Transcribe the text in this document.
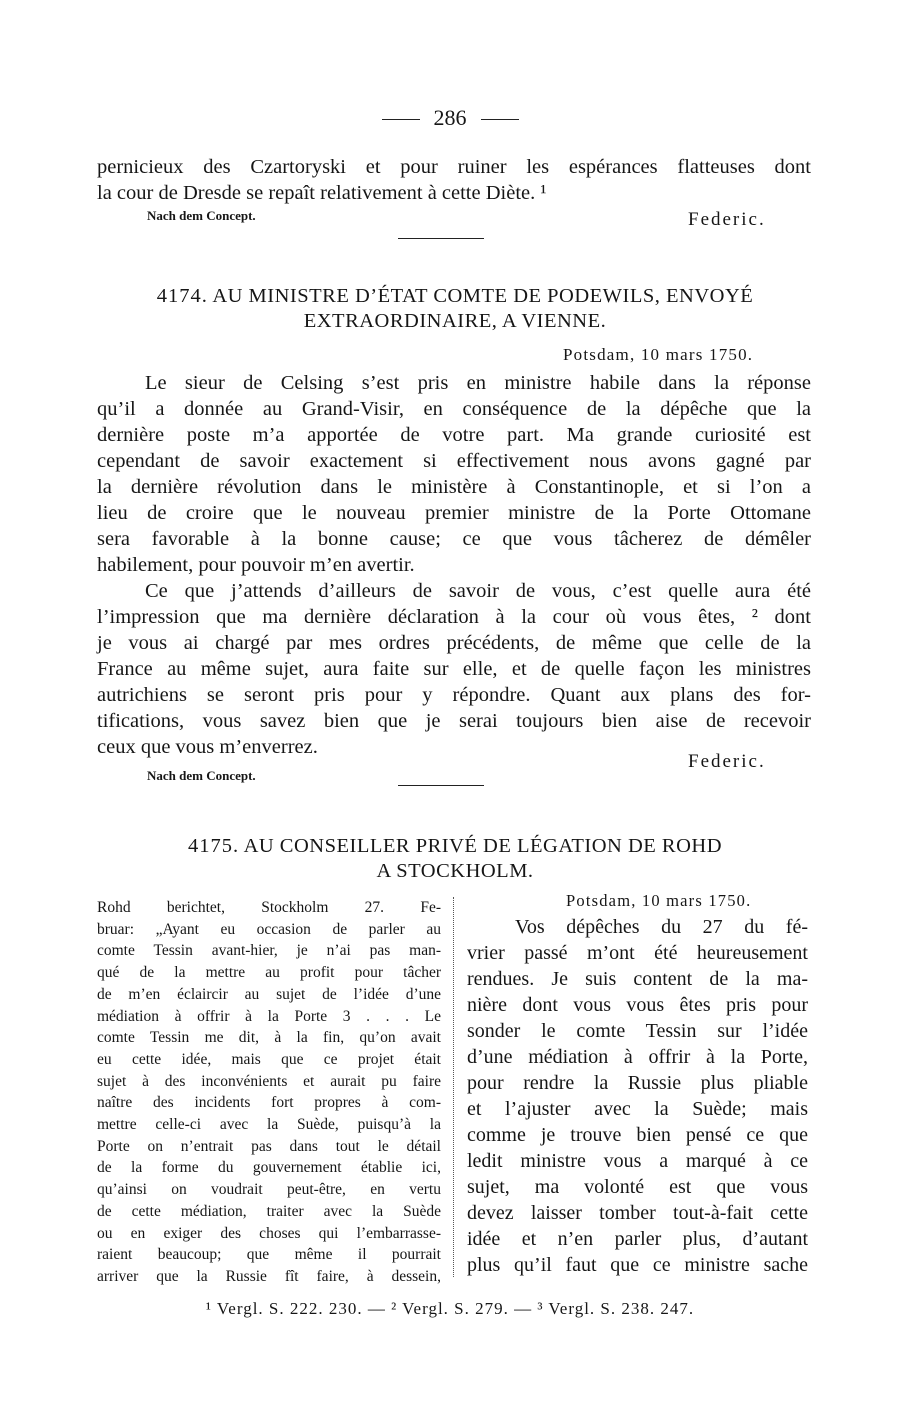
286
pernicieux des Czartoryski et pour ruiner les espérances flatteuses dont
la cour de Dresde se repaît relativement à cette Diète. ¹
Nach dem Concept.	Federic.
4174. AU MINISTRE D’ÉTAT COMTE DE PODEWILS, ENVOYÉ
EXTRAORDINAIRE, A VIENNE.
Potsdam, 10 mars 1750.
Le sieur de Celsing s’est pris en ministre habile dans la réponse
qu’il a donnée au Grand-Visir, en conséquence de la dépêche que la
dernière poste m’a apportée de votre part. Ma grande curiosité est
cependant de savoir exactement si effectivement nous avons gagné par
la dernière révolution dans le ministère à Constantinople, et si l’on a
lieu de croire que le nouveau premier ministre de la Porte Ottomane
sera favorable à la bonne cause; ce que vous tâcherez de démêler
habilement, pour pouvoir m’en avertir.
Ce que j’attends d’ailleurs de savoir de vous, c’est quelle aura été
l’impression que ma dernière déclaration à la cour où vous êtes, ² dont
je vous ai chargé par mes ordres précédents, de même que celle de la
France au même sujet, aura faite sur elle, et de quelle façon les ministres
autrichiens se seront pris pour y répondre. Quant aux plans des for-
tifications, vous savez bien que je serai toujours bien aise de recevoir
ceux que vous m’enverrez.
Federic.
Nach dem Concept.
4175. AU CONSEILLER PRIVÉ DE LÉGATION DE ROHD
A STOCKHOLM.
Rohd berichtet, Stockholm 27. Fe-
bruar: „Ayant eu occasion de parler au
comte Tessin avant-hier, je n’ai pas man-
qué de la mettre au profit pour tâcher
de m’en éclaircir au sujet de l’idée d’une
médiation à offrir à la Porte 3 . . . Le
comte Tessin me dit, à la fin, qu’on avait
eu cette idée, mais que ce projet était
sujet à des inconvénients et aurait pu faire
naître des incidents fort propres à com-
mettre celle-ci avec la Suède, puisqu’à la
Porte on n’entrait pas dans tout le détail
de la forme du gouvernement établie ici,
qu’ainsi on voudrait peut-être, en vertu
de cette médiation, traiter avec la Suède
ou en exiger des choses qui l’embarrasse-
raient beaucoup; que même il pourrait
arriver que la Russie fît faire, à dessein,
Potsdam, 10 mars 1750.
Vos dépêches du 27 du fé-
vrier passé m’ont été heureusement
rendues. Je suis content de la ma-
nière dont vous vous êtes pris pour
sonder le comte Tessin sur l’idée
d’une médiation à offrir à la Porte,
pour rendre la Russie plus pliable
et l’ajuster avec la Suède; mais
comme je trouve bien pensé ce que
ledit ministre vous a marqué à ce
sujet, ma volonté est que vous
devez laisser tomber tout-à-fait cette
idée et n’en parler plus, d’autant
plus qu’il faut que ce ministre sache
¹ Vergl. S. 222. 230. — ² Vergl. S. 279. — ³ Vergl. S. 238. 247.
